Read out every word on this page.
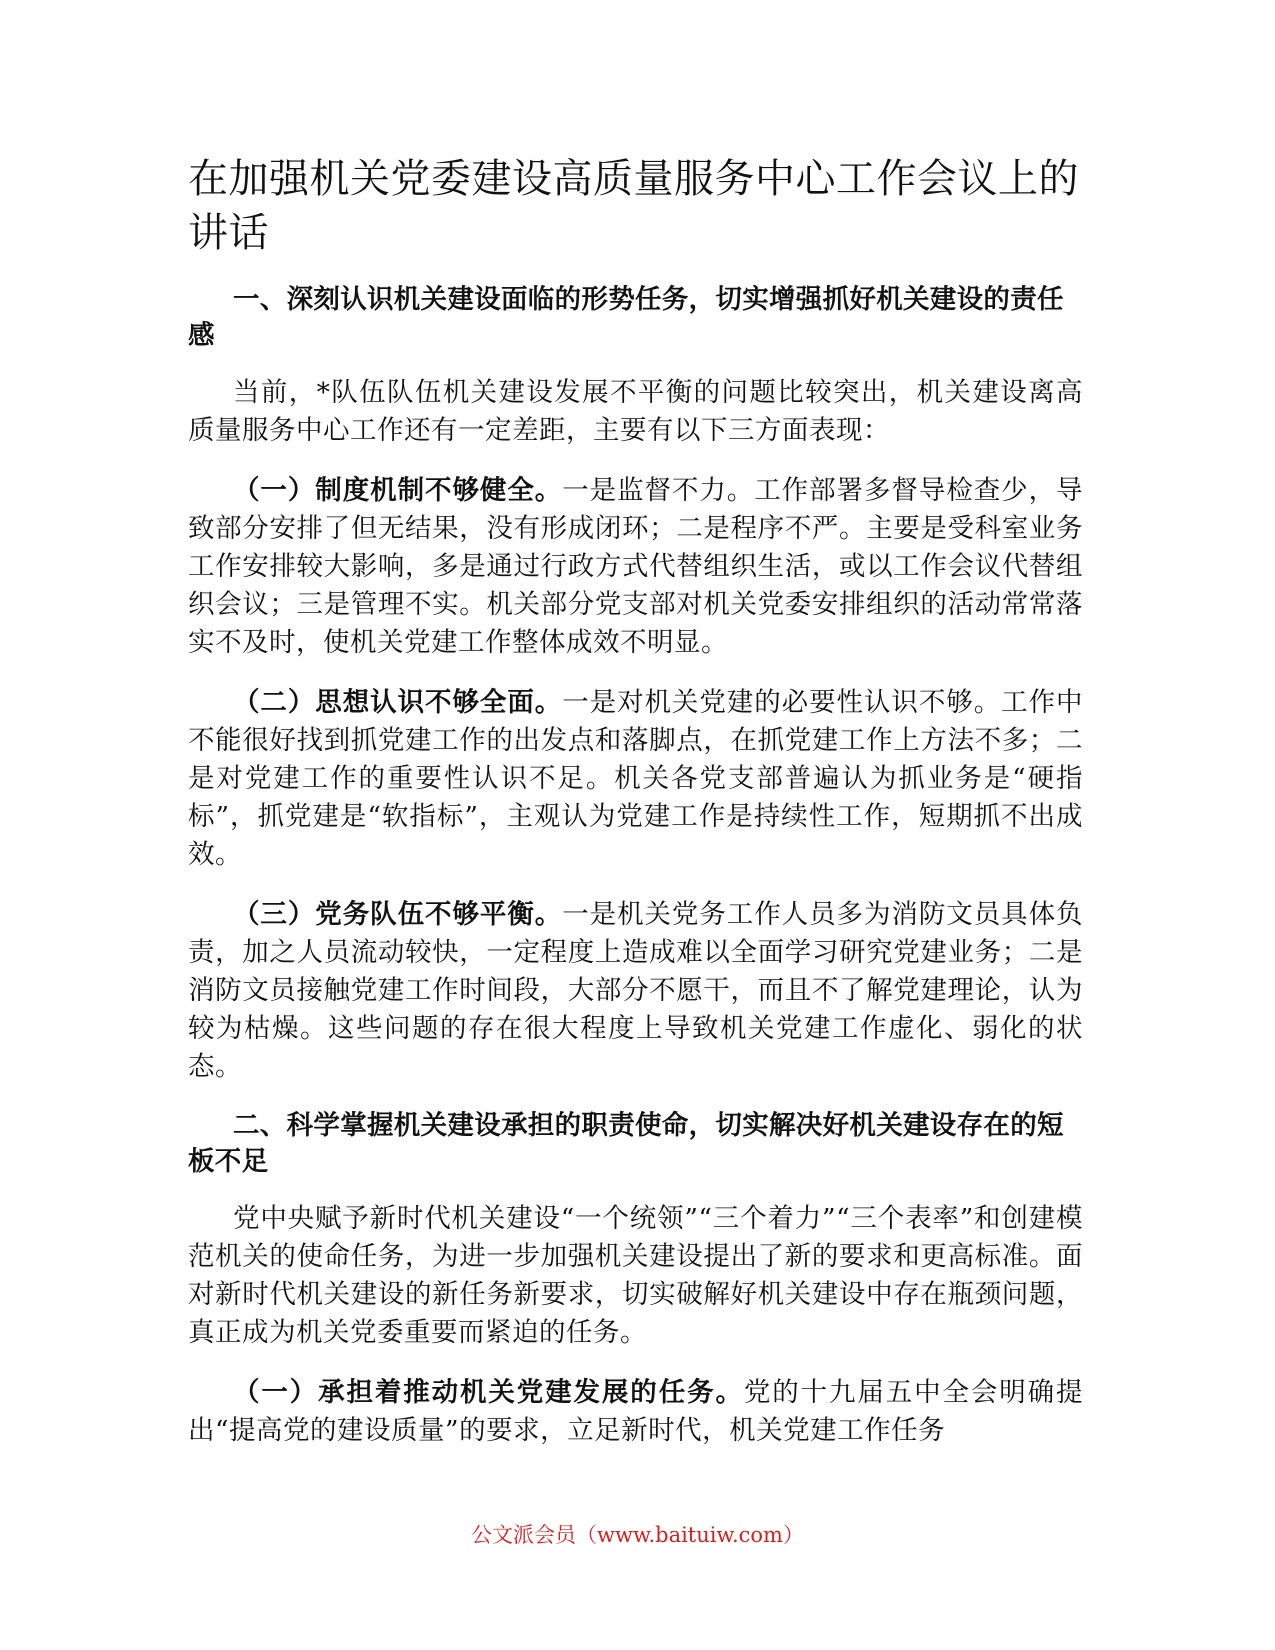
在加强机关党委建设高质量服务中心工作会议上的讲话
一、深刻认识机关建设面临的形势任务，切实增强抓好机关建设的责任感

当前，*队伍队伍机关建设发展不平衡的问题比较突出，机关建设离高质量服务中心工作还有一定差距，主要有以下三方面表现：

（一）制度机制不够健全。一是监督不力。工作部署多督导检查少，导致部分安排了但无结果，没有形成闭环；二是程序不严。主要是受科室业务工作安排较大影响，多是通过行政方式代替组织生活，或以工作会议代替组织会议；三是管理不实。机关部分党支部对机关党委安排组织的活动常常落实不及时，使机关党建工作整体成效不明显。

（二）思想认识不够全面。一是对机关党建的必要性认识不够。工作中不能很好找到抓党建工作的出发点和落脚点，在抓党建工作上方法不多；二是对党建工作的重要性认识不足。机关各党支部普遍认为抓业务是“硬指标”，抓党建是“软指标”，主观认为党建工作是持续性工作，短期抓不出成效。

（三）党务队伍不够平衡。一是机关党务工作人员多为消防文员具体负责，加之人员流动较快，一定程度上造成难以全面学习研究党建业务；二是消防文员接触党建工作时间段，大部分不愿干，而且不了解党建理论，认为较为枯燥。这些问题的存在很大程度上导致机关党建工作虚化、弱化的状态。

二、科学掌握机关建设承担的职责使命，切实解决好机关建设存在的短板不足

党中央赋予新时代机关建设“一个统领”“三个着力”“三个表率”和创建模范机关的使命任务，为进一步加强机关建设提出了新的要求和更高标准。面对新时代机关建设的新任务新要求，切实破解好机关建设中存在瓶颈问题，真正成为机关党委重要而紧迫的任务。

（一）承担着推动机关党建发展的任务。党的十九届五中全会明确提出“提高党的建设质量”的要求，立足新时代，机关党建工作任务

公文派会员（www.baituiw.com）
